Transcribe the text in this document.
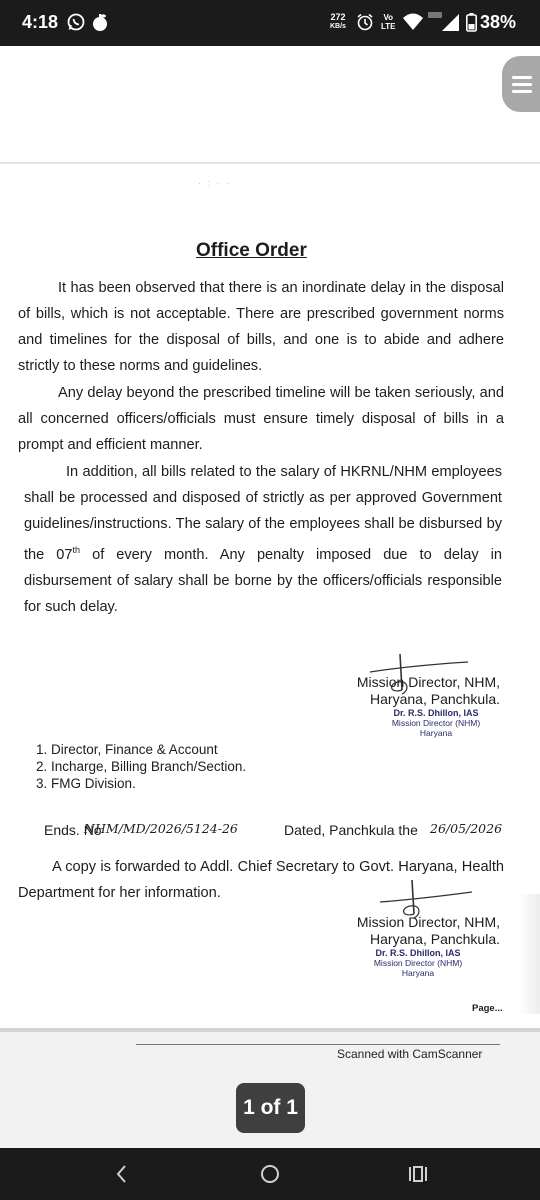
4:18	272
KB/s
Vo
LTE	38%
· : · ·
Office Order

It has been observed that there is an inordinate delay in the disposal of bills, which is not acceptable. There are prescribed government norms and timelines for the disposal of bills, and one is to abide and adhere strictly to these norms and guidelines.

Any delay beyond the prescribed timeline will be taken seriously, and all concerned officers/officials must ensure timely disposal of bills in a prompt and efficient manner.

In addition, all bills related to the salary of HKRNL/NHM employees shall be processed and disposed of strictly as per approved Government guidelines/instructions. The salary of the employees shall be disbursed by the 07th of every month. Any penalty imposed due to delay in disbursement of salary shall be borne by the officers/officials responsible for such delay.

Mission Director, NHM,
Haryana, Panchkula.
Dr. R.S. Dhillon, IAS
Mission Director (NHM)
Haryana
1. Director, Finance & Account
2. Incharge, Billing Branch/Section.
3. FMG Division.
Ends. No
NHM/MD/2026/5124-26	Dated, Panchkula the 26/05/2026

A copy is forwarded to Addl. Chief Secretary to Govt. Haryana, Health Department for her information.

Mission Director, NHM,
Haryana, Panchkula.
Dr. R.S. Dhillon, IAS
Mission Director (NHM)
Haryana
Page...
Scanned with CamScanner
1 of 1
